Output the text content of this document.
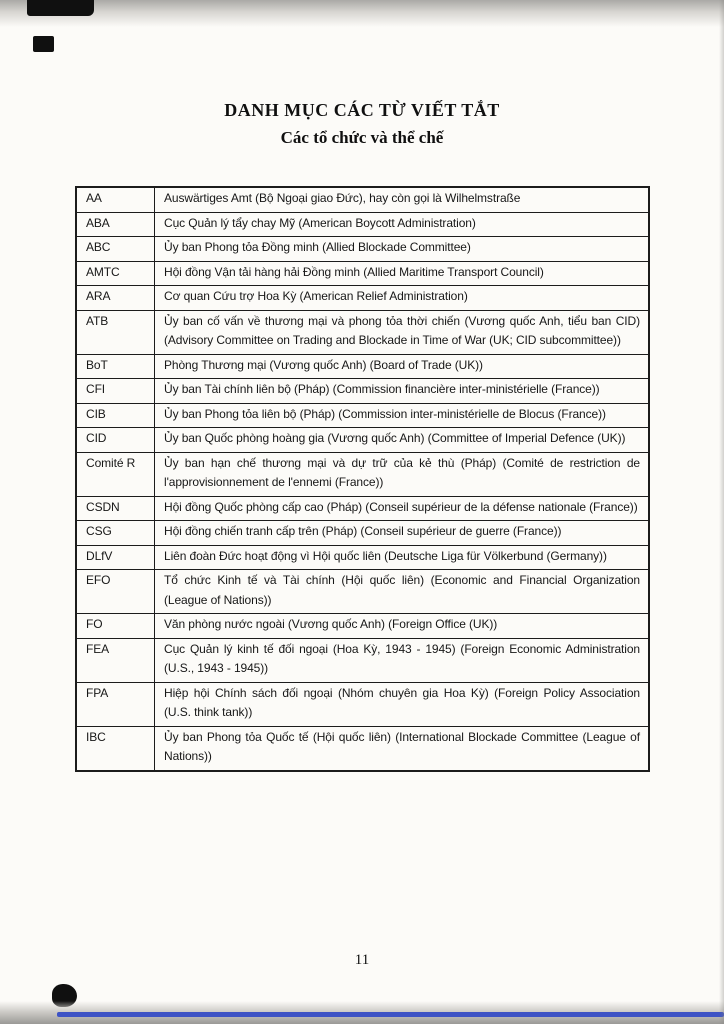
DANH MỤC CÁC TỪ VIẾT TẮT
Các tổ chức và thể chế
AA	Auswärtiges Amt (Bộ Ngoại giao Đức), hay còn gọi là Wilhelmstraße
ABA	Cục Quản lý tẩy chay Mỹ (American Boycott Administration)
ABC	Ủy ban Phong tỏa Đồng minh (Allied Blockade Committee)
AMTC	Hội đồng Vận tải hàng hải Đồng minh (Allied Maritime Transport Council)
ARA	Cơ quan Cứu trợ Hoa Kỳ (American Relief Administration)
ATB	Ủy ban cố vấn về thương mại và phong tỏa thời chiến (Vương quốc Anh, tiểu ban CID) (Advisory Committee on Trading and Blockade in Time of War (UK; CID subcommittee))
BoT	Phòng Thương mại (Vương quốc Anh) (Board of Trade (UK))
CFI	Ủy ban Tài chính liên bộ (Pháp) (Commission financière inter-ministérielle (France))
CIB	Ủy ban Phong tỏa liên bộ (Pháp) (Commission inter-ministérielle de Blocus (France))
CID	Ủy ban Quốc phòng hoàng gia (Vương quốc Anh) (Committee of Imperial Defence (UK))
Comité R	Ủy ban hạn chế thương mại và dự trữ của kẻ thù (Pháp) (Comité de restriction de l'approvisionnement de l'ennemi (France))
CSDN	Hội đồng Quốc phòng cấp cao (Pháp) (Conseil supérieur de la défense nationale (France))
CSG	Hội đồng chiến tranh cấp trên (Pháp) (Conseil supérieur de guerre (France))
DLfV	Liên đoàn Đức hoạt động vì Hội quốc liên (Deutsche Liga für Völkerbund (Germany))
EFO	Tổ chức Kinh tế và Tài chính (Hội quốc liên) (Economic and Financial Organization (League of Nations))
FO	Văn phòng nước ngoài (Vương quốc Anh) (Foreign Office (UK))
FEA	Cục Quản lý kinh tế đối ngoại (Hoa Kỳ, 1943 - 1945) (Foreign Economic Administration (U.S., 1943 - 1945))
FPA	Hiệp hội Chính sách đối ngoại (Nhóm chuyên gia Hoa Kỳ) (Foreign Policy Association (U.S. think tank))
IBC	Ủy ban Phong tỏa Quốc tế (Hội quốc liên) (International Blockade Committee (League of Nations))
11
